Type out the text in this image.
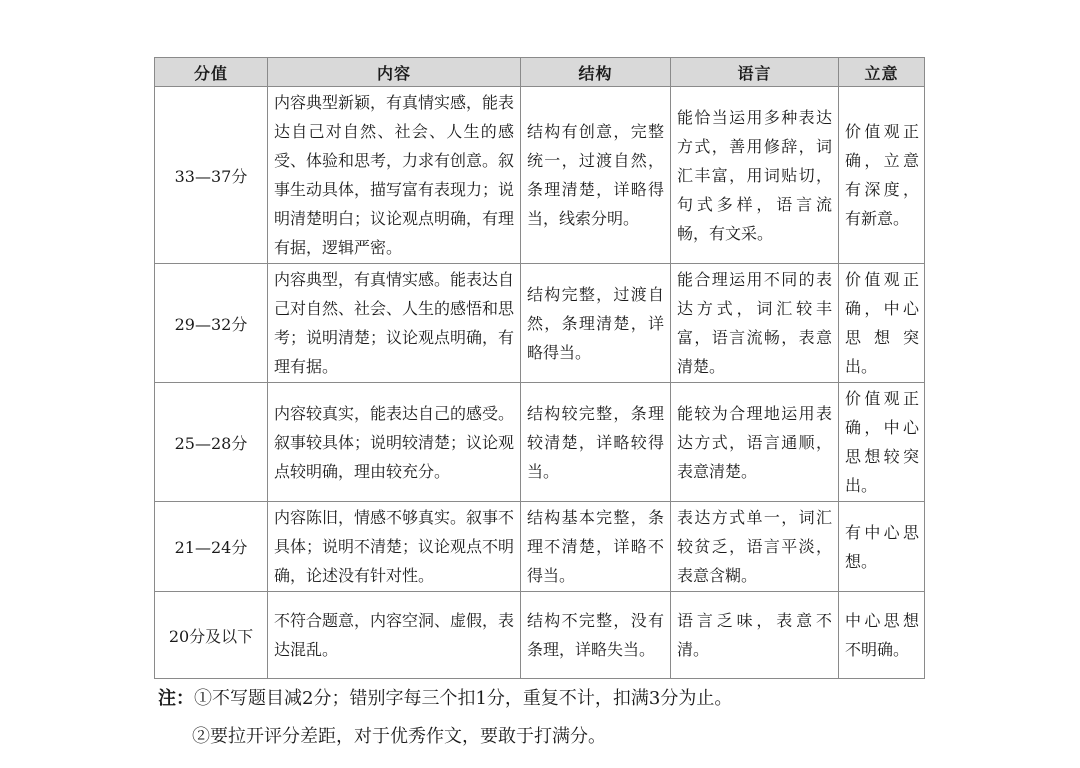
分值	内容	结构	语言	立意
33—37分	内容典型新颖，有真情实感，能表达自己对自然、社会、人生的感受、体验和思考，力求有创意。叙事生动具体，描写富有表现力；说明清楚明白；议论观点明确，有理有据，逻辑严密。	结构有创意，完整统一，过渡自然，条理清楚，详略得当，线索分明。	能恰当运用多种表达方式，善用修辞，词汇丰富，用词贴切，句式多样，语言流畅，有文采。	价值观正确，立意有深度，有新意。
29—32分	内容典型，有真情实感。能表达自己对自然、社会、人生的感悟和思考；说明清楚；议论观点明确，有理有据。	结构完整，过渡自然，条理清楚，详略得当。	能合理运用不同的表达方式，词汇较丰富，语言流畅，表意清楚。	价值观正确，中心思想突出。
25—28分	内容较真实，能表达自己的感受。叙事较具体；说明较清楚；议论观点较明确，理由较充分。	结构较完整，条理较清楚，详略较得当。	能较为合理地运用表达方式，语言通顺，表意清楚。	价值观正确，中心思想较突出。
21—24分	内容陈旧，情感不够真实。叙事不具体；说明不清楚；议论观点不明确，论述没有针对性。	结构基本完整，条理不清楚，详略不得当。	表达方式单一，词汇较贫乏，语言平淡，表意含糊。	有中心思想。
20分及以下	不符合题意，内容空洞、虚假，表达混乱。	结构不完整，没有条理，详略失当。	语言乏味，表意不清。	中心思想不明确。
注：①不写题目减2分；错别字每三个扣1分，重复不计，扣满3分为止。
②要拉开评分差距，对于优秀作文，要敢于打满分。
